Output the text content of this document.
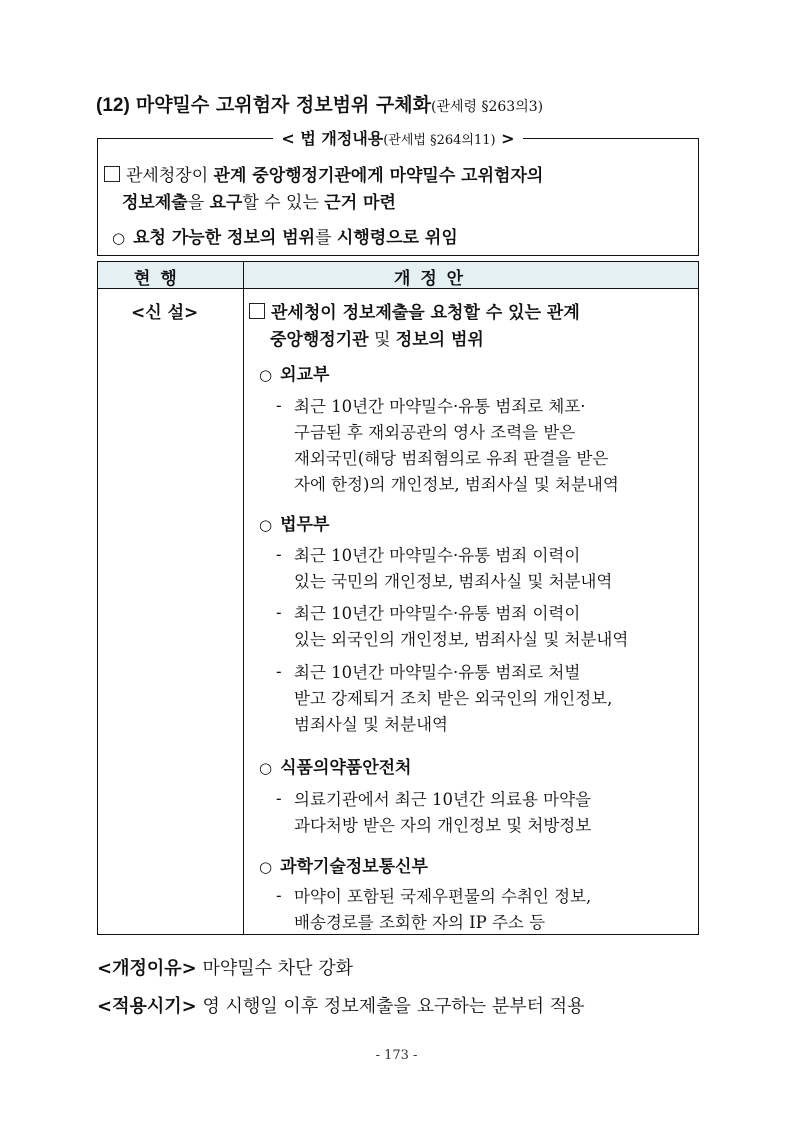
(12) 마약밀수 고위험자 정보범위 구체화(관세령 §263의3)
< 법 개정내용(관세법 §264의11) >
관세청장이 관계 중앙행정기관에게 마약밀수 고위험자의
정보제출을 요구할 수 있는 근거 마련
○ 요청 가능한 정보의 범위를 시행령으로 위임
현 행	개 정 안
<신 설>	관세청이 정보제출을 요청할 수 있는 관계
중앙행정기관 및 정보의 범위
○ 외교부
- 최근 10년간 마약밀수·유통 범죄로 체포·
구금된 후 재외공관의 영사 조력을 받은
재외국민(해당 범죄혐의로 유죄 판결을 받은
자에 한정)의 개인정보, 범죄사실 및 처분내역
○ 법무부
- 최근 10년간 마약밀수·유통 범죄 이력이
있는 국민의 개인정보, 범죄사실 및 처분내역
- 최근 10년간 마약밀수·유통 범죄 이력이
있는 외국인의 개인정보, 범죄사실 및 처분내역
- 최근 10년간 마약밀수·유통 범죄로 처벌
받고 강제퇴거 조치 받은 외국인의 개인정보,
범죄사실 및 처분내역
○ 식품의약품안전처
- 의료기관에서 최근 10년간 의료용 마약을
과다처방 받은 자의 개인정보 및 처방정보
○ 과학기술정보통신부
- 마약이 포함된 국제우편물의 수취인 정보,
배송경로를 조회한 자의 IP 주소 등
<개정이유> 마약밀수 차단 강화
<적용시기> 영 시행일 이후 정보제출을 요구하는 분부터 적용
- 173 -
